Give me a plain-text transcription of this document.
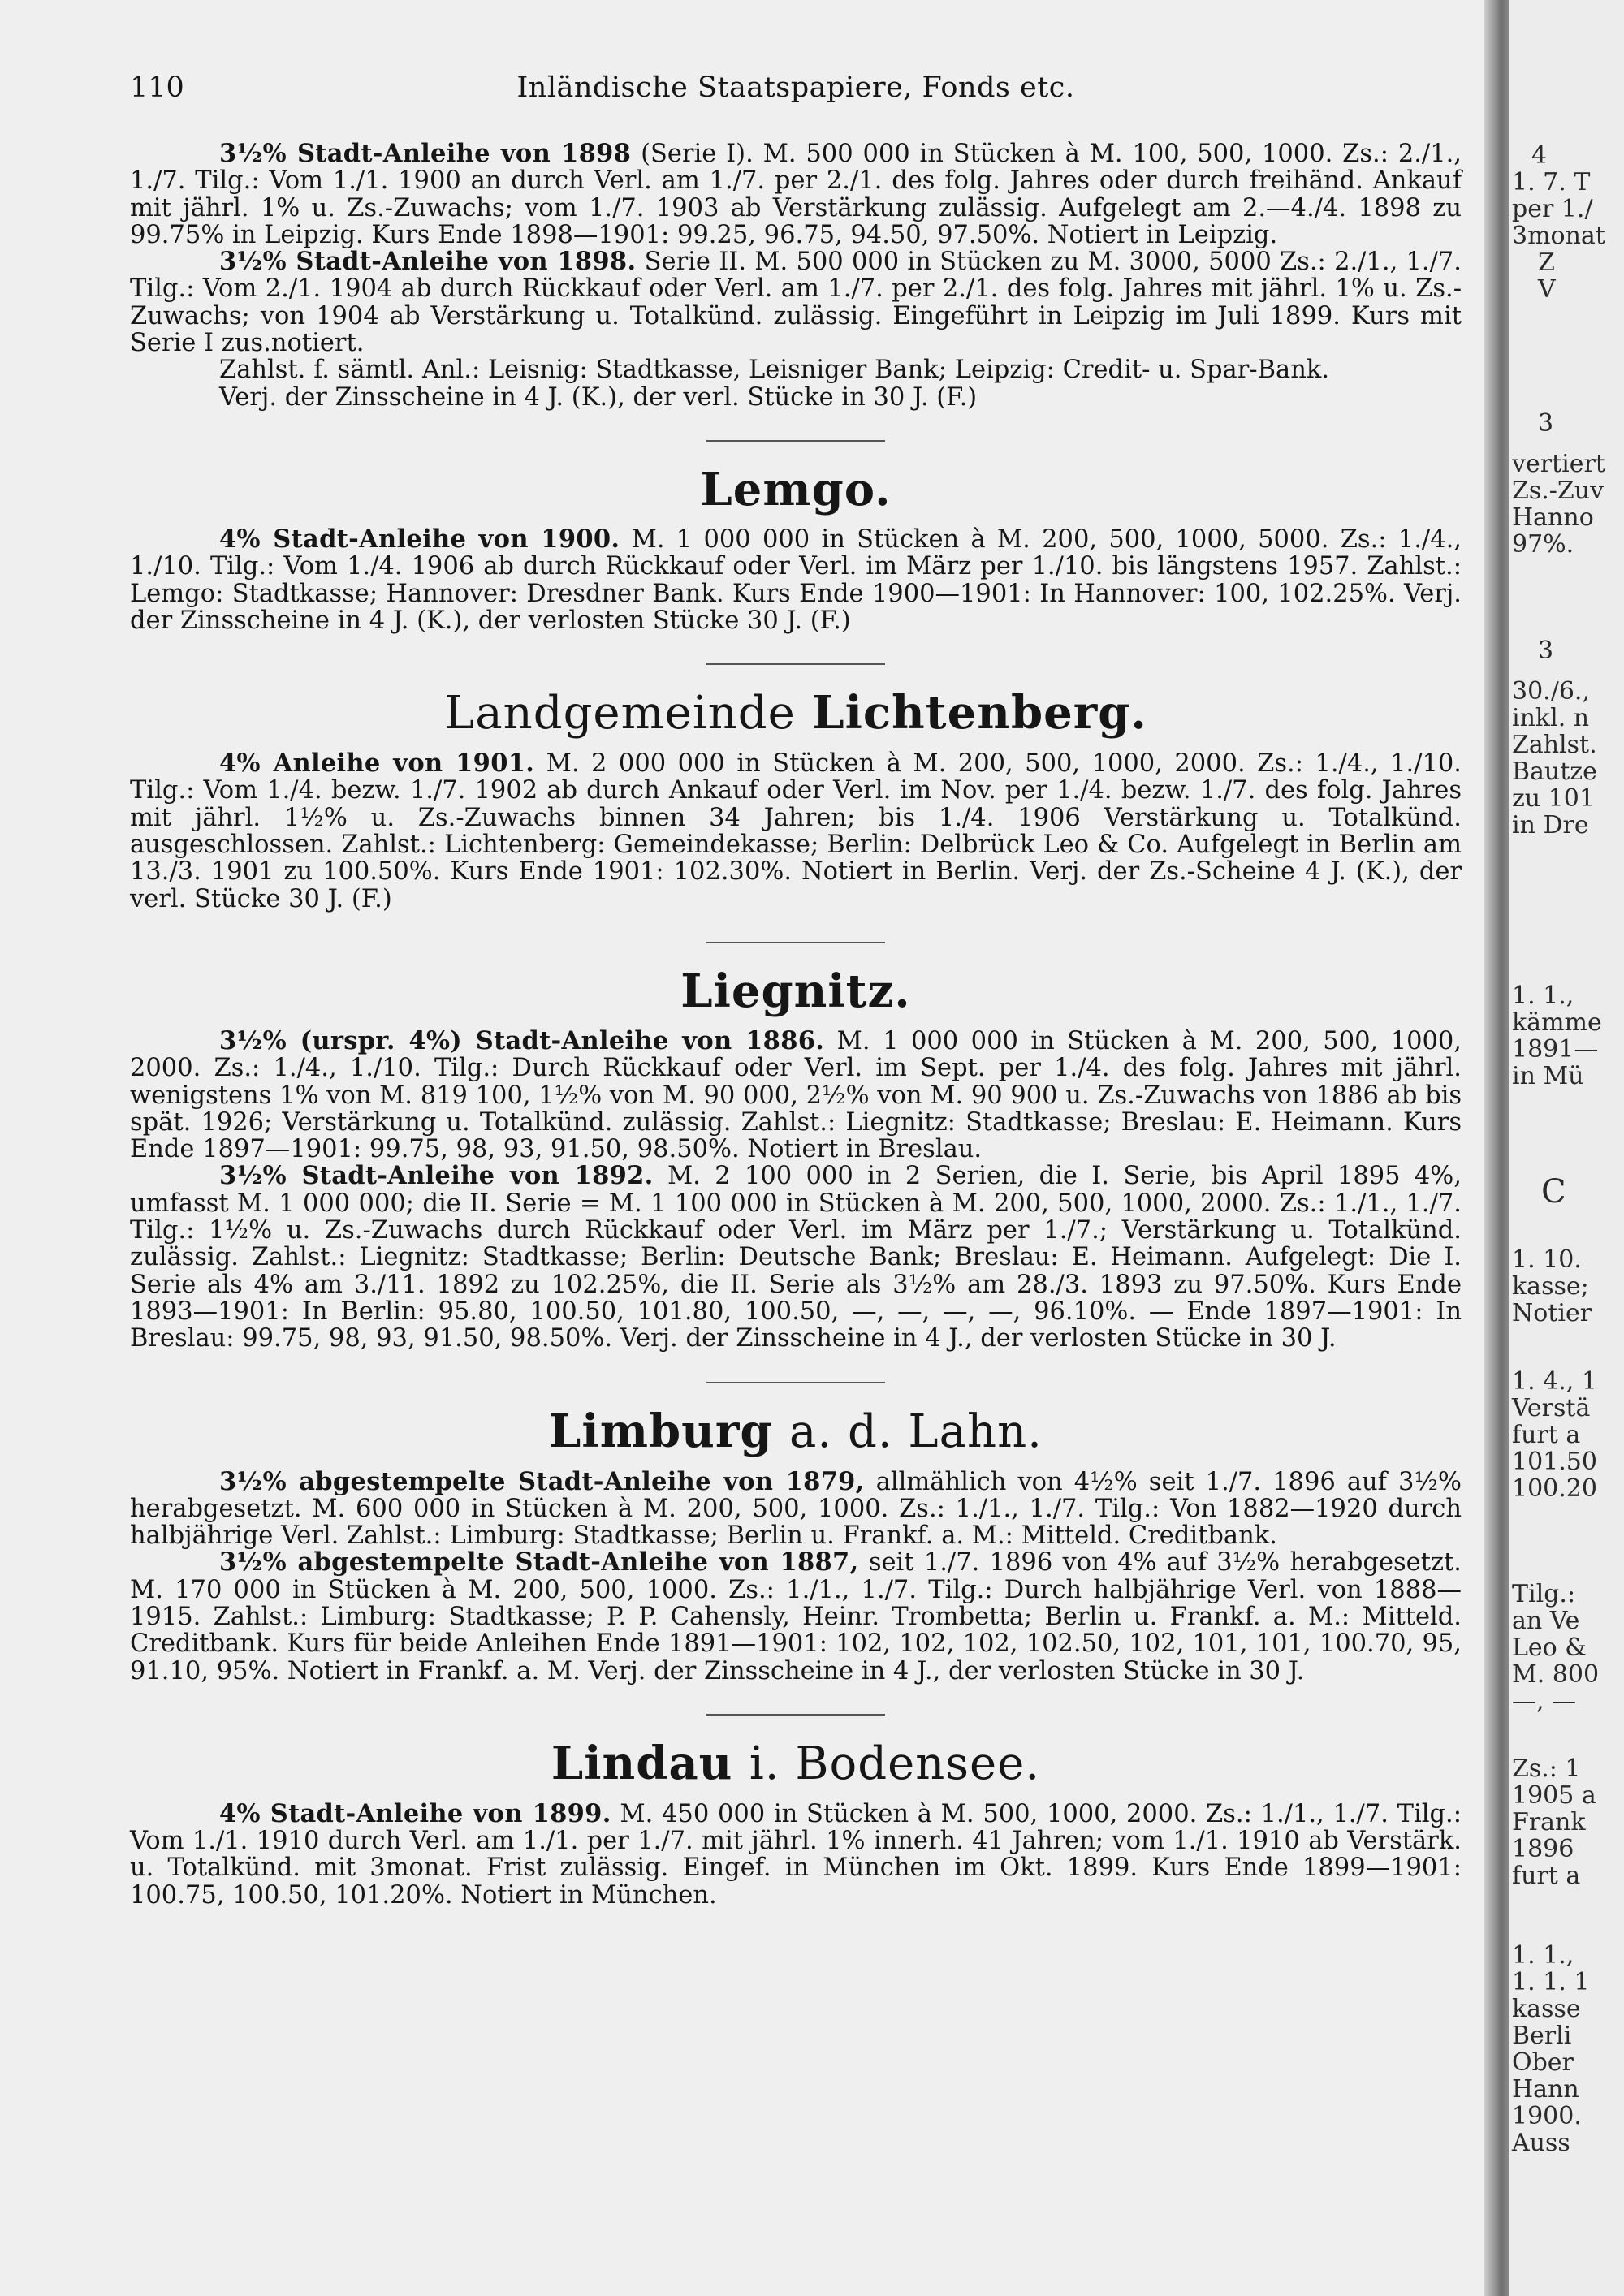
110	Inländische Staatspapiere, Fonds etc.

3½% Stadt-Anleihe von 1898 (Serie I). M. 500 000 in Stücken à M. 100, 500, 1000. Zs.: 2./1., 1./7. Tilg.: Vom 1./1. 1900 an durch Verl. am 1./7. per 2./1. des folg. Jahres oder durch freihänd. Ankauf mit jährl. 1% u. Zs.-Zuwachs; vom 1./7. 1903 ab Verstärkung zulässig. Aufgelegt am 2.—4./4. 1898 zu 99.75% in Leipzig. Kurs Ende 1898—1901: 99.25, 96.75, 94.50, 97.50%. Notiert in Leipzig.

3½% Stadt-Anleihe von 1898. Serie II. M. 500 000 in Stücken zu M. 3000, 5000 Zs.: 2./1., 1./7. Tilg.: Vom 2./1. 1904 ab durch Rückkauf oder Verl. am 1./7. per 2./1. des folg. Jahres mit jährl. 1% u. Zs.-Zuwachs; von 1904 ab Verstärkung u. Totalkünd. zulässig. Eingeführt in Leipzig im Juli 1899. Kurs mit Serie I zus.notiert.

Zahlst. f. sämtl. Anl.: Leisnig: Stadtkasse, Leisniger Bank; Leipzig: Credit- u. Spar-Bank.

Verj. der Zinsscheine in 4 J. (K.), der verl. Stücke in 30 J. (F.)

Lemgo.

4% Stadt-Anleihe von 1900. M. 1 000 000 in Stücken à M. 200, 500, 1000, 5000. Zs.: 1./4., 1./10. Tilg.: Vom 1./4. 1906 ab durch Rückkauf oder Verl. im März per 1./10. bis längstens 1957. Zahlst.: Lemgo: Stadtkasse; Hannover: Dresdner Bank. Kurs Ende 1900—1901: In Hannover: 100, 102.25%. Verj. der Zinsscheine in 4 J. (K.), der verlosten Stücke 30 J. (F.)

Landgemeinde Lichtenberg.

4% Anleihe von 1901. M. 2 000 000 in Stücken à M. 200, 500, 1000, 2000. Zs.: 1./4., 1./10. Tilg.: Vom 1./4. bezw. 1./7. 1902 ab durch Ankauf oder Verl. im Nov. per 1./4. bezw. 1./7. des folg. Jahres mit jährl. 1½% u. Zs.-Zuwachs binnen 34 Jahren; bis 1./4. 1906 Verstärkung u. Totalkünd. ausgeschlossen. Zahlst.: Lichtenberg: Gemeindekasse; Berlin: Delbrück Leo & Co. Aufgelegt in Berlin am 13./3. 1901 zu 100.50%. Kurs Ende 1901: 102.30%. Notiert in Berlin. Verj. der Zs.-Scheine 4 J. (K.), der verl. Stücke 30 J. (F.)

Liegnitz.

3½% (urspr. 4%) Stadt-Anleihe von 1886. M. 1 000 000 in Stücken à M. 200, 500, 1000, 2000. Zs.: 1./4., 1./10. Tilg.: Durch Rückkauf oder Verl. im Sept. per 1./4. des folg. Jahres mit jährl. wenigstens 1% von M. 819 100, 1½% von M. 90 000, 2½% von M. 90 900 u. Zs.-Zuwachs von 1886 ab bis spät. 1926; Verstärkung u. Totalkünd. zulässig. Zahlst.: Liegnitz: Stadtkasse; Breslau: E. Heimann. Kurs Ende 1897—1901: 99.75, 98, 93, 91.50, 98.50%. Notiert in Breslau.

3½% Stadt-Anleihe von 1892. M. 2 100 000 in 2 Serien, die I. Serie, bis April 1895 4%, umfasst M. 1 000 000; die II. Serie = M. 1 100 000 in Stücken à M. 200, 500, 1000, 2000. Zs.: 1./1., 1./7. Tilg.: 1½% u. Zs.-Zuwachs durch Rückkauf oder Verl. im März per 1./7.; Verstärkung u. Totalkünd. zulässig. Zahlst.: Liegnitz: Stadtkasse; Berlin: Deutsche Bank; Breslau: E. Heimann. Aufgelegt: Die I. Serie als 4% am 3./11. 1892 zu 102.25%, die II. Serie als 3½% am 28./3. 1893 zu 97.50%. Kurs Ende 1893—1901: In Berlin: 95.80, 100.50, 101.80, 100.50, —, —, —, —, 96.10%. — Ende 1897—1901: In Breslau: 99.75, 98, 93, 91.50, 98.50%. Verj. der Zinsscheine in 4 J., der verlosten Stücke in 30 J.

Limburg a. d. Lahn.

3½% abgestempelte Stadt-Anleihe von 1879, allmählich von 4½% seit 1./7. 1896 auf 3½% herabgesetzt. M. 600 000 in Stücken à M. 200, 500, 1000. Zs.: 1./1., 1./7. Tilg.: Von 1882—1920 durch halbjährige Verl. Zahlst.: Limburg: Stadtkasse; Berlin u. Frankf. a. M.: Mitteld. Creditbank.

3½% abgestempelte Stadt-Anleihe von 1887, seit 1./7. 1896 von 4% auf 3½% herabgesetzt. M. 170 000 in Stücken à M. 200, 500, 1000. Zs.: 1./1., 1./7. Tilg.: Durch halbjährige Verl. von 1888—1915. Zahlst.: Limburg: Stadtkasse; P. P. Cahensly, Heinr. Trombetta; Berlin u. Frankf. a. M.: Mitteld. Creditbank. Kurs für beide Anleihen Ende 1891—1901: 102, 102, 102, 102.50, 102, 101, 101, 100.70, 95, 91.10, 95%. Notiert in Frankf. a. M. Verj. der Zinsscheine in 4 J., der verlosten Stücke in 30 J.

Lindau i. Bodensee.

4% Stadt-Anleihe von 1899. M. 450 000 in Stücken à M. 500, 1000, 2000. Zs.: 1./1., 1./7. Tilg.: Vom 1./1. 1910 durch Verl. am 1./1. per 1./7. mit jährl. 1% innerh. 41 Jahren; vom 1./1. 1910 ab Verstärk. u. Totalkünd. mit 3monat. Frist zulässig. Eingef. in München im Okt. 1899. Kurs Ende 1899—1901: 100.75, 100.50, 101.20%. Notiert in München.

4
1. 7. T
per 1./
3monat
Z
V
3
vertiert
Zs.-Zuv
Hanno
97%.
3
30./6.,
inkl. n
Zahlst.
Bautze
zu 101
in Dre
1. 1.,
kämme
1891—
in Mü
C
1. 10.
kasse;
Notier
1. 4., 1
Verstä
furt a
101.50
100.20
Tilg.:
an Ve
Leo &
M. 800
—, —
Zs.: 1
1905 a
Frank
1896
furt a
1. 1.,
1. 1. 1
kasse
Berli
Ober
Hann
1900.
Auss
